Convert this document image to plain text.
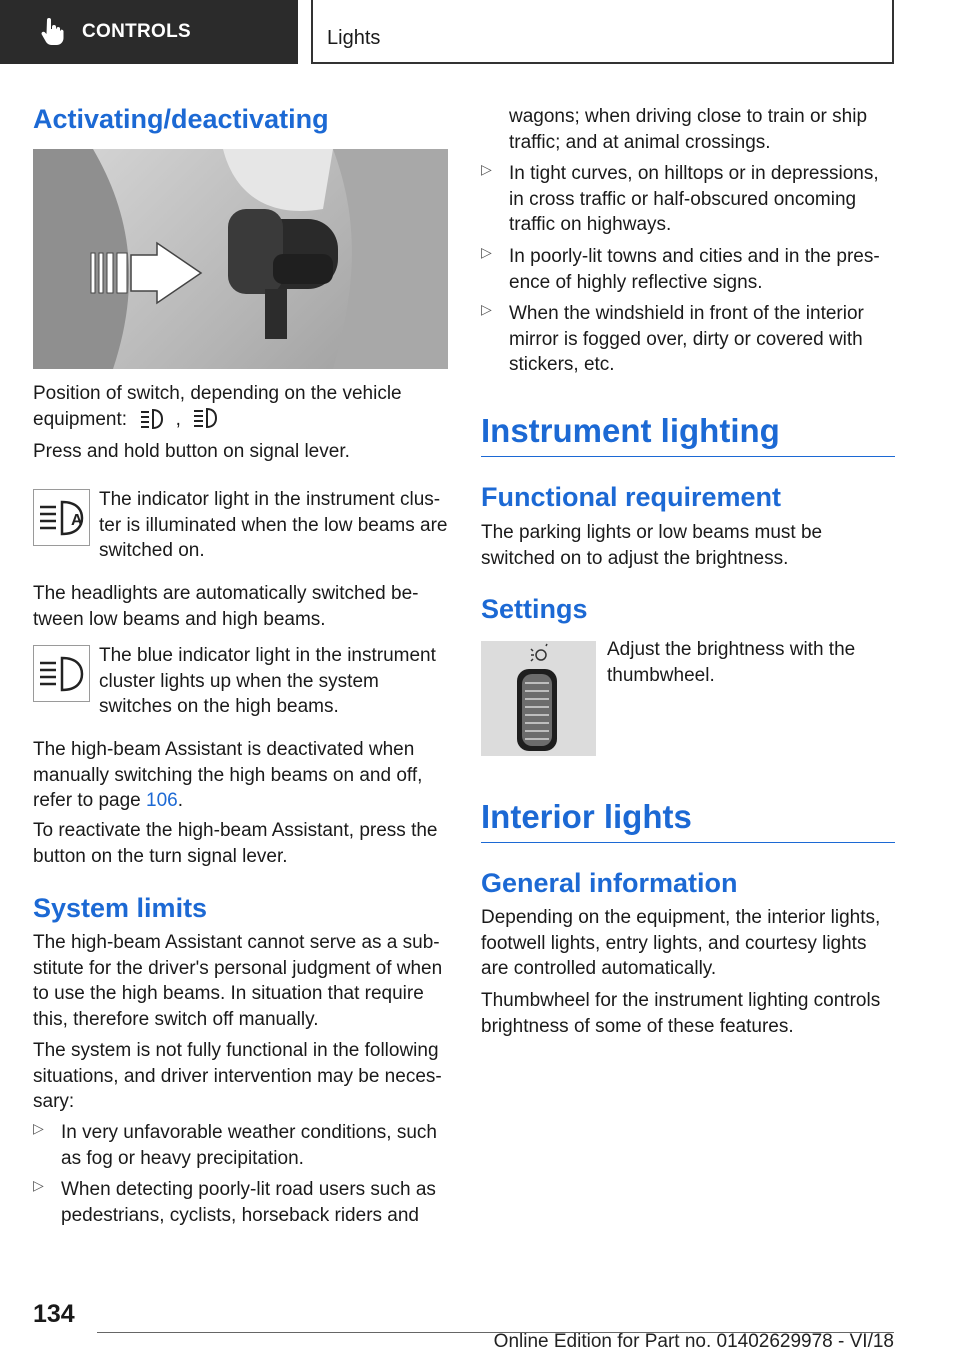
CONTROLS	Lights
Activating/deactivating

Position of switch, depending on the vehicle

equipment:	,

Press and hold button on signal lever.

A

The indicator light in the instrument clus-

ter is illuminated when the low beams are

switched on.

The headlights are automatically switched be-

tween low beams and high beams.

The blue indicator light in the instrument

cluster lights up when the system

switches on the high beams.

The high-beam Assistant is deactivated when

manually switching the high beams on and off,

refer to page 106.

To reactivate the high-beam Assistant, press the

button on the turn signal lever.

System limits

The high-beam Assistant cannot serve as a sub-

stitute for the driver's personal judgment of when

to use the high beams. In situation that require

this, therefore switch off manually.

The system is not fully functional in the following

situations, and driver intervention may be neces-

sary:

▷ In very unfavorable weather conditions, such

as fog or heavy precipitation.

▷ When detecting poorly-lit road users such as

pedestrians, cyclists, horseback riders and

wagons; when driving close to train or ship

traffic; and at animal crossings.

▷ In tight curves, on hilltops or in depressions,

in cross traffic or half-obscured oncoming

traffic on highways.

▷ In poorly-lit towns and cities and in the pres-

ence of highly reflective signs.

▷ When the windshield in front of the interior

mirror is fogged over, dirty or covered with

stickers, etc.

Instrument lighting
Functional requirement

The parking lights or low beams must be

switched on to adjust the brightness.

Settings

Adjust the brightness with the

thumbwheel.

Interior lights
General information

Depending on the equipment, the interior lights,

footwell lights, entry lights, and courtesy lights

are controlled automatically.

Thumbwheel for the instrument lighting controls

brightness of some of these features.

134
Online Edition for Part no. 01402629978 - VI/18
